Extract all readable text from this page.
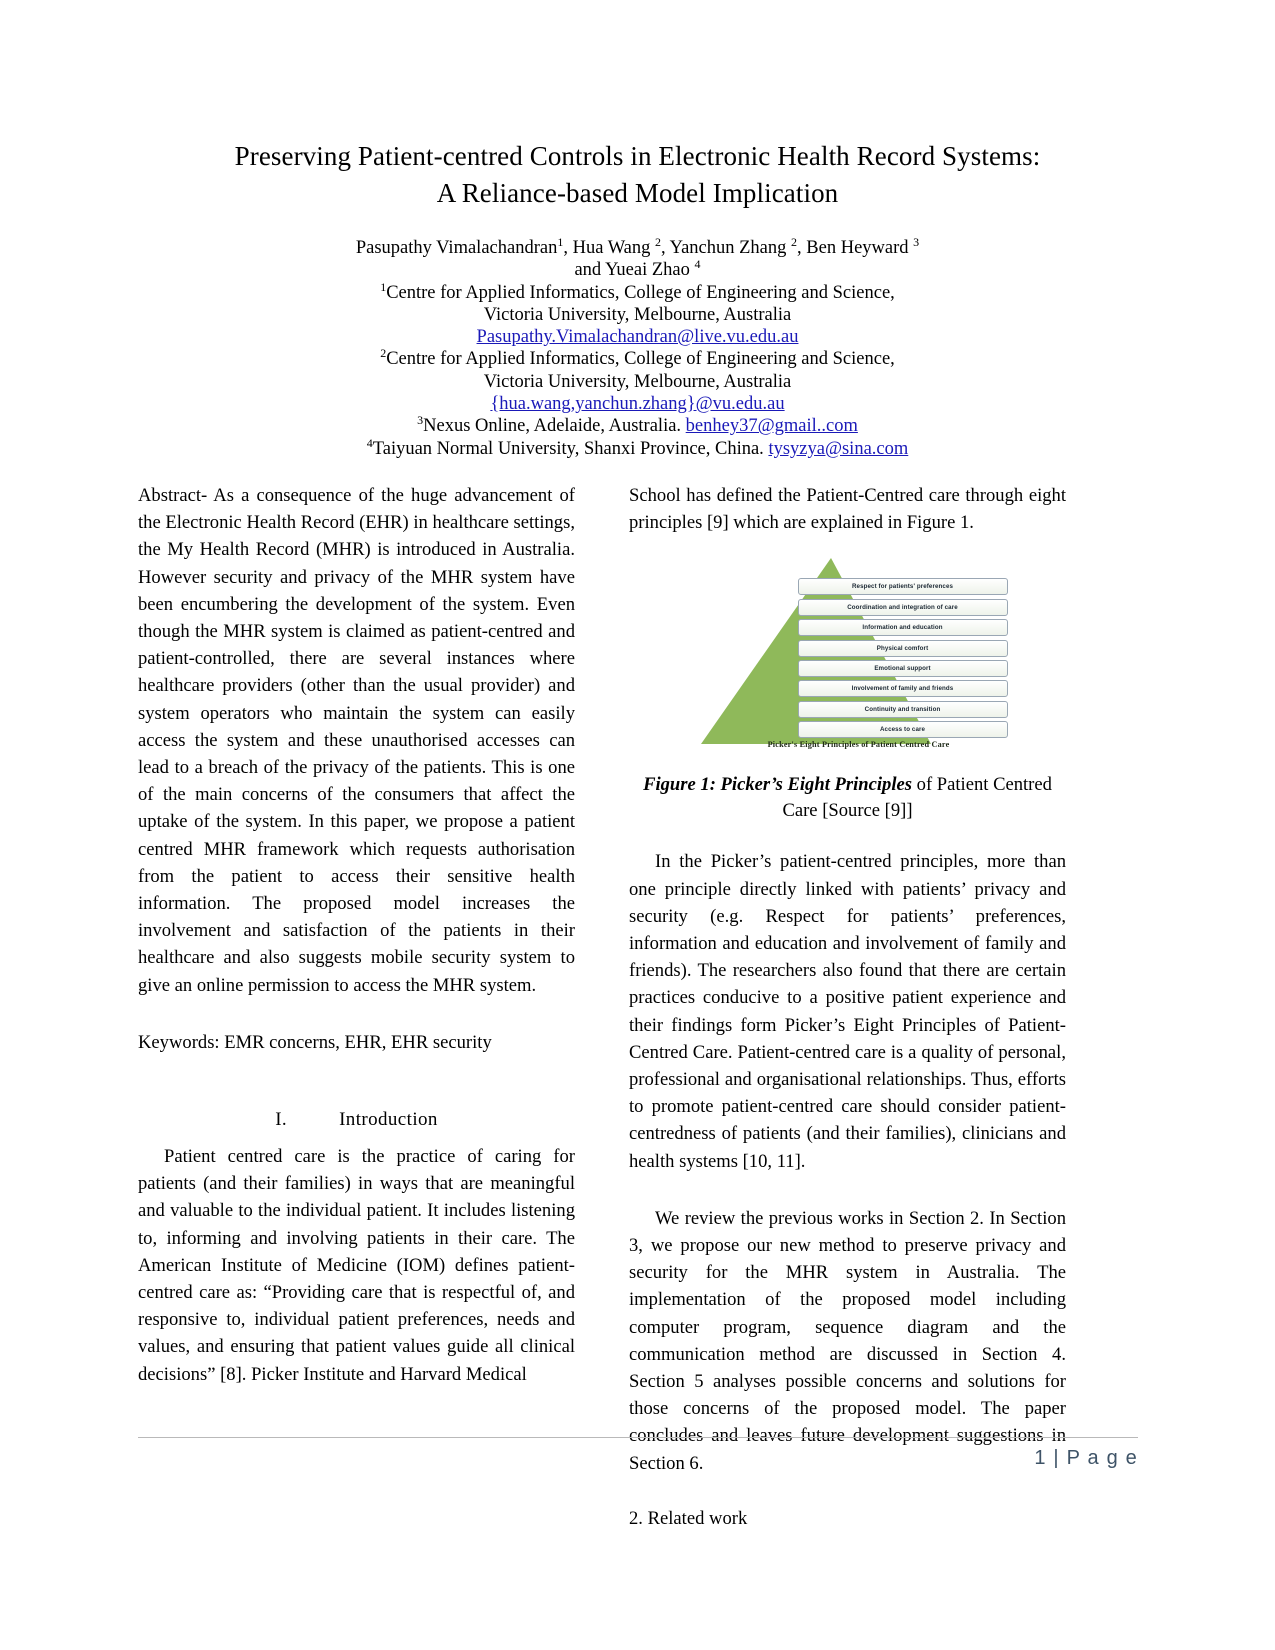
Preserving Patient-centred Controls in Electronic Health Record Systems:
A Reliance-based Model Implication
Pasupathy Vimalachandran$^1$, Hua Wang $^2$, Yanchun Zhang $^2$, Ben Heyward $^3$
and Yueai Zhao $^4$
$^1$Centre for Applied Informatics, College of Engineering and Science,
Victoria University, Melbourne, Australia
Pasupathy.Vimalachandran@live.vu.edu.au
$^2$Centre for Applied Informatics, College of Engineering and Science,
Victoria University, Melbourne, Australia
{hua.wang,yanchun.zhang}@vu.edu.au
$^3$Nexus Online, Adelaide, Australia. benhey37@gmail..com
$^4$Taiyuan Normal University, Shanxi Province, China. tysyzya@sina.com

Abstract- As a consequence of the huge advancement of the Electronic Health Record (EHR) in healthcare settings, the My Health Record (MHR) is introduced in Australia. However security and privacy of the MHR system have been encumbering the development of the system. Even though the MHR system is claimed as patient-centred and patient-controlled, there are several instances where healthcare providers (other than the usual provider) and system operators who maintain the system can easily access the system and these unauthorised accesses can lead to a breach of the privacy of the patients. This is one of the main concerns of the consumers that affect the uptake of the system. In this paper, we propose a patient centred MHR framework which requests authorisation from the patient to access their sensitive health information. The proposed model increases the involvement and satisfaction of the patients in their healthcare and also suggests mobile security system to give an online permission to access the MHR system.

Keywords: EMR concerns, EHR, EHR security

I.	Introduction

Patient centred care is the practice of caring for patients (and their families) in ways that are meaningful and valuable to the individual patient. It includes listening to, informing and involving patients in their care. The American Institute of Medicine (IOM) defines patient-centred care as: “Providing care that is respectful of, and responsive to, individual patient preferences, needs and values, and ensuring that patient values guide all clinical decisions” [8]. Picker Institute and Harvard Medical

School has defined the Patient-Centred care through eight principles [9] which are explained in Figure 1.

Respect for patients' preferences
Coordination and integration of care
Information and education
Physical comfort
Emotional support
Involvement of family and friends
Continuity and transition
Access to care
Picker's Eight Principles of Patient Centred Care
Figure 1: Picker’s Eight Principles of Patient Centred Care [Source [9]]

In the Picker’s patient-centred principles, more than one principle directly linked with patients’ privacy and security (e.g. Respect for patients’ preferences, information and education and involvement of family and friends). The researchers also found that there are certain practices conducive to a positive patient experience and their findings form Picker’s Eight Principles of Patient-Centred Care. Patient-centred care is a quality of personal, professional and organisational relationships. Thus, efforts to promote patient-centred care should consider patient-centredness of patients (and their families), clinicians and health systems [10, 11].

We review the previous works in Section 2. In Section 3, we propose our new method to preserve privacy and security for the MHR system in Australia. The implementation of the proposed model including computer program, sequence diagram and the communication method are discussed in Section 4. Section 5 analyses possible concerns and solutions for those concerns of the proposed model. The paper concludes and leaves future development suggestions in Section 6.

2. Related work

1 | P a g e
